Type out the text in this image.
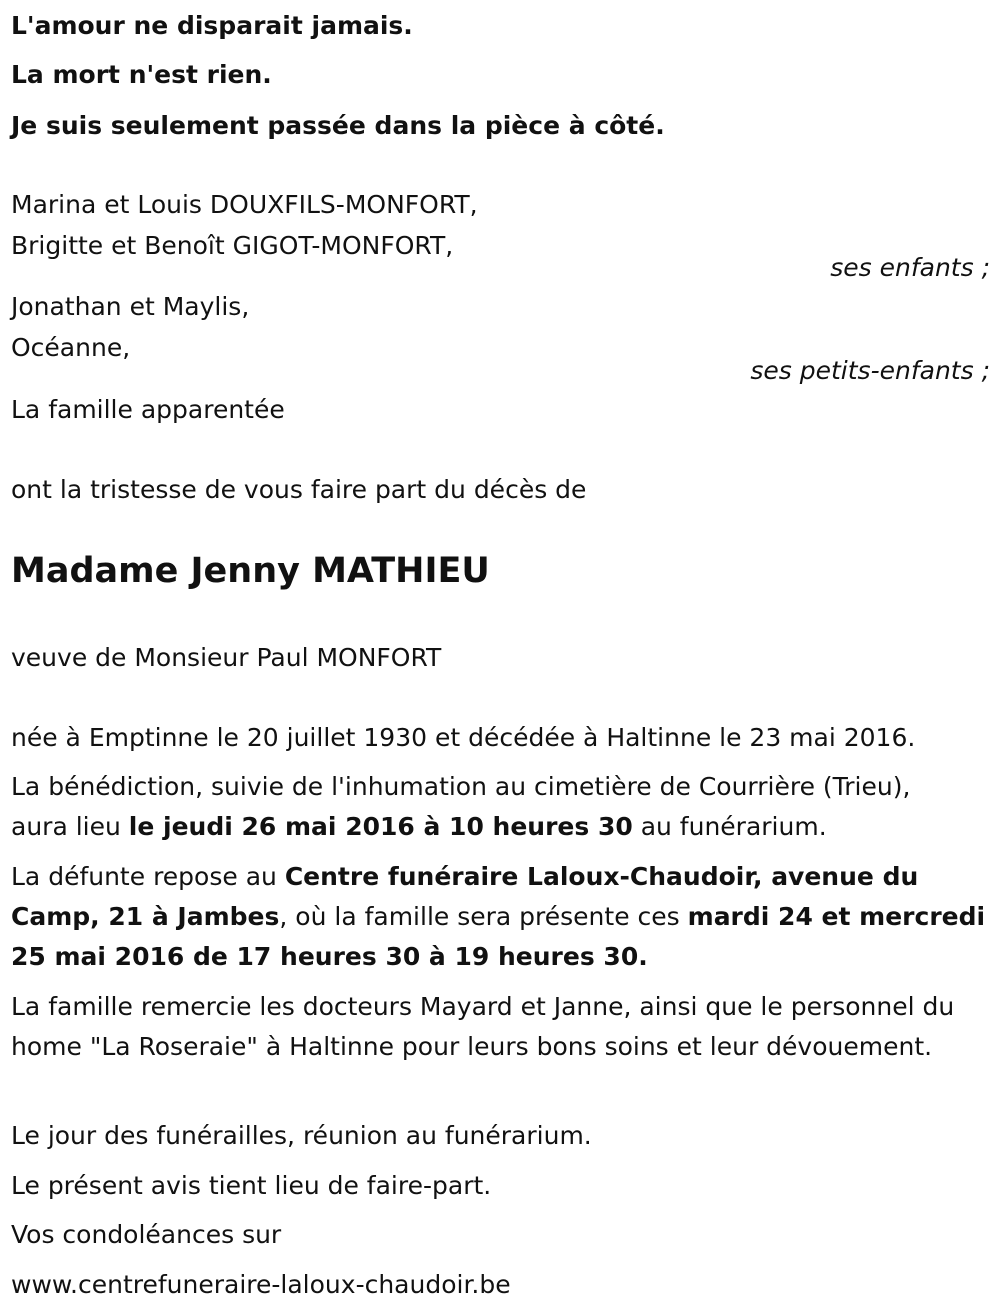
L'amour ne disparait jamais.
La mort n'est rien.
Je suis seulement passée dans la pièce à côté.
Marina et Louis DOUXFILS-MONFORT,
Brigitte et Benoît GIGOT-MONFORT,
ses enfants ;
Jonathan et Maylis,
Océanne,
ses petits-enfants ;
La famille apparentée
ont la tristesse de vous faire part du décès de
Madame Jenny MATHIEU
veuve de Monsieur Paul MONFORT
née à Emptinne le 20 juillet 1930 et décédée à Haltinne le 23 mai 2016.
La bénédiction, suivie de l'inhumation au cimetière de Courrière (Trieu),
aura lieu le jeudi 26 mai 2016 à 10 heures 30 au funérarium.
La défunte repose au Centre funéraire Laloux-Chaudoir, avenue du Camp, 21 à Jambes, où la famille sera présente ces mardi 24 et mercredi 25 mai 2016 de 17 heures 30 à 19 heures 30.
La famille remercie les docteurs Mayard et Janne, ainsi que le personnel du home "La Roseraie" à Haltinne pour leurs bons soins et leur dévouement.
Le jour des funérailles, réunion au funérarium.
Le présent avis tient lieu de faire-part.
Vos condoléances sur
www.centrefuneraire-laloux-chaudoir.be
